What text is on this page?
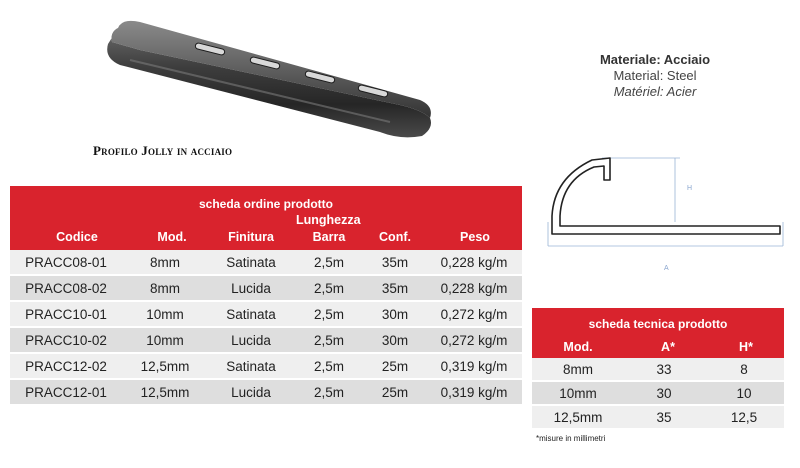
Profilo Jolly in acciaio
Materiale: Acciaio
Material: Steel
Matériel: Acier
H
A
scheda ordine prodotto
Lunghezza
Codice	Mod.	Finitura	Barra	Conf.	Peso
PRACC08-01	8mm	Satinata	2,5m	35m	0,228 kg/m
PRACC08-02	8mm	Lucida	2,5m	35m	0,228 kg/m
PRACC10-01	10mm	Satinata	2,5m	30m	0,272 kg/m
PRACC10-02	10mm	Lucida	2,5m	30m	0,272 kg/m
PRACC12-02	12,5mm	Satinata	2,5m	25m	0,319 kg/m
PRACC12-01	12,5mm	Lucida	2,5m	25m	0,319 kg/m
scheda tecnica prodotto
Mod.	A*	H*
8mm	33	8
10mm	30	10
12,5mm	35	12,5
*misure in millimetri
